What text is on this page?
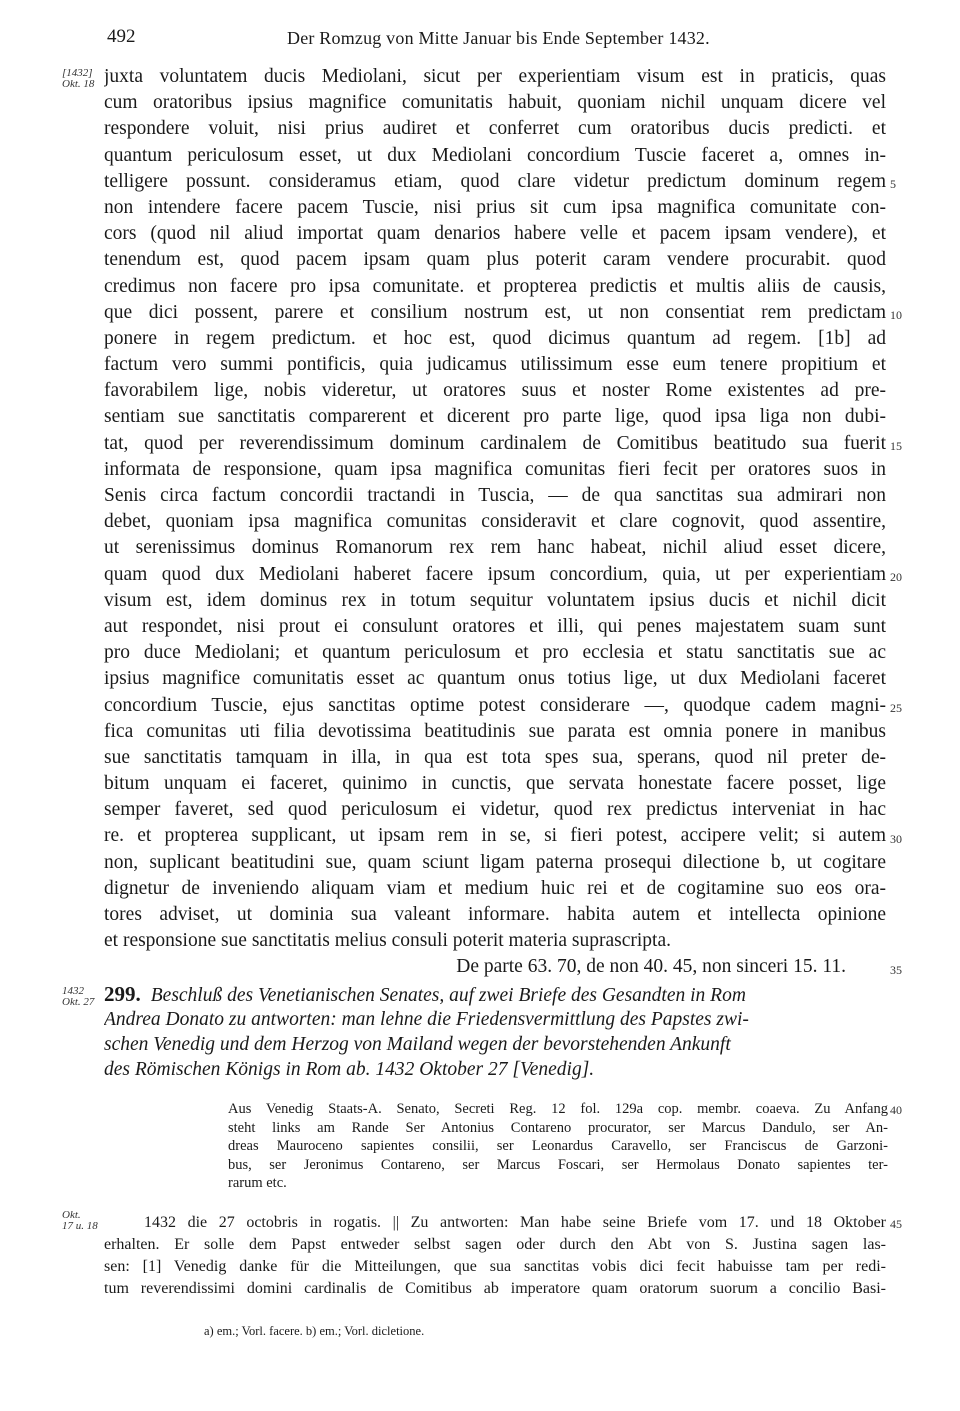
492	Der Romzug von Mitte Januar bis Ende September 1432.
[1432]
Okt. 18 juxta voluntatem ducis Mediolani, sicut per experientiam visum est in praticis, quas
cum oratoribus ipsius magnifice comunitatis habuit, quoniam nichil unquam dicere vel
respondere voluit, nisi prius audiret et conferret cum oratoribus ducis predicti. et
quantum periculosum esset, ut dux Mediolani concordium Tuscie faceret a, omnes in-
telligere possunt. consideramus etiam, quod clare videtur predictum dominum regem
non intendere facere pacem Tuscie, nisi prius sit cum ipsa magnifica comunitate con-
cors (quod nil aliud importat quam denarios habere velle et pacem ipsam vendere), et
tenendum est, quod pacem ipsam quam plus poterit caram vendere procurabit. quod
credimus non facere pro ipsa comunitate. et propterea predictis et multis aliis de causis,
que dici possent, parere et consilium nostrum est, ut non consentiat rem predictam
ponere in regem predictum. et hoc est, quod dicimus quantum ad regem. [1b] ad
factum vero summi pontificis, quia judicamus utilissimum esse eum tenere propitium et
favorabilem lige, nobis videretur, ut oratores suus et noster Rome existentes ad pre-
sentiam sue sanctitatis comparerent et dicerent pro parte lige, quod ipsa liga non dubi-
tat, quod per reverendissimum dominum cardinalem de Comitibus beatitudo sua fuerit
informata de responsione, quam ipsa magnifica comunitas fieri fecit per oratores suos in
Senis circa factum concordii tractandi in Tuscia, — de qua sanctitas sua admirari non
debet, quoniam ipsa magnifica comunitas consideravit et clare cognovit, quod assentire,
ut serenissimus dominus Romanorum rex rem hanc habeat, nichil aliud esset dicere,
quam quod dux Mediolani haberet facere ipsum concordium, quia, ut per experientiam
visum est, idem dominus rex in totum sequitur voluntatem ipsius ducis et nichil dicit
aut respondet, nisi prout ei consulunt oratores et illi, qui penes majestatem suam sunt
pro duce Mediolani; et quantum periculosum et pro ecclesia et statu sanctitatis sue ac
ipsius magnifice comunitatis esset ac quantum onus totius lige, ut dux Mediolani faceret
concordium Tuscie, ejus sanctitas optime potest considerare —, quodque cadem magni-
fica comunitas uti filia devotissima beatitudinis sue parata est omnia ponere in manibus
sue sanctitatis tamquam in illa, in qua est tota spes sua, sperans, quod nil preter de-
bitum unquam ei faceret, quinimo in cunctis, que servata honestate facere posset, lige
semper faveret, sed quod periculosum ei videtur, quod rex predictus interveniat in hac
re. et propterea supplicant, ut ipsam rem in se, si fieri potest, accipere velit; si autem
non, suplicant beatitudini sue, quam sciunt ligam paterna prosequi dilectione b, ut cogitare
dignetur de inveniendo aliquam viam et medium huic rei et de cogitamine suo eos ora-
tores adviset, ut dominia sua valeant informare. habita autem et intellecta opinione
et responsione sue sanctitatis melius consuli poterit materia suprascripta.
De parte 63. 70, de non 40. 45, non sinceri 15. 11.
5
10
15
20
25
30
35
1432
Okt. 27 299. Beschluß des Venetianischen Senates, auf zwei Briefe des Gesandten in Rom
Andrea Donato zu antworten: man lehne die Friedensvermittlung des Papstes zwi-
schen Venedig und dem Herzog von Mailand wegen der bevorstehenden Ankunft
des Römischen Königs in Rom ab. 1432 Oktober 27 [Venedig].
Aus Venedig Staats-A. Senato, Secreti Reg. 12 fol. 129a cop. membr. coaeva. Zu Anfang
steht links am Rande Ser Antonius Contareno procurator, ser Marcus Dandulo, ser An-
dreas Mauroceno sapientes consilii, ser Leonardus Caravello, ser Franciscus de Garzoni-
bus, ser Jeronimus Contareno, ser Marcus Foscari, ser Hermolaus Donato sapientes ter-
rarum etc.
40
Okt.
17 u. 18	1432 die 27 octobris in rogatis. || Zu antworten: Man habe seine Briefe vom 17. und 18 Oktober
erhalten. Er solle dem Papst entweder selbst sagen oder durch den Abt von S. Justina sagen las-
sen: [1] Venedig danke für die Mitteilungen, que sua sanctitas vobis dici fecit habuisse tam per redi-
tum reverendissimi domini cardinalis de Comitibus ab imperatore quam oratorum suorum a concilio Basi-
45
a) em.; Vorl. facere. b) em.; Vorl. dicletione.
